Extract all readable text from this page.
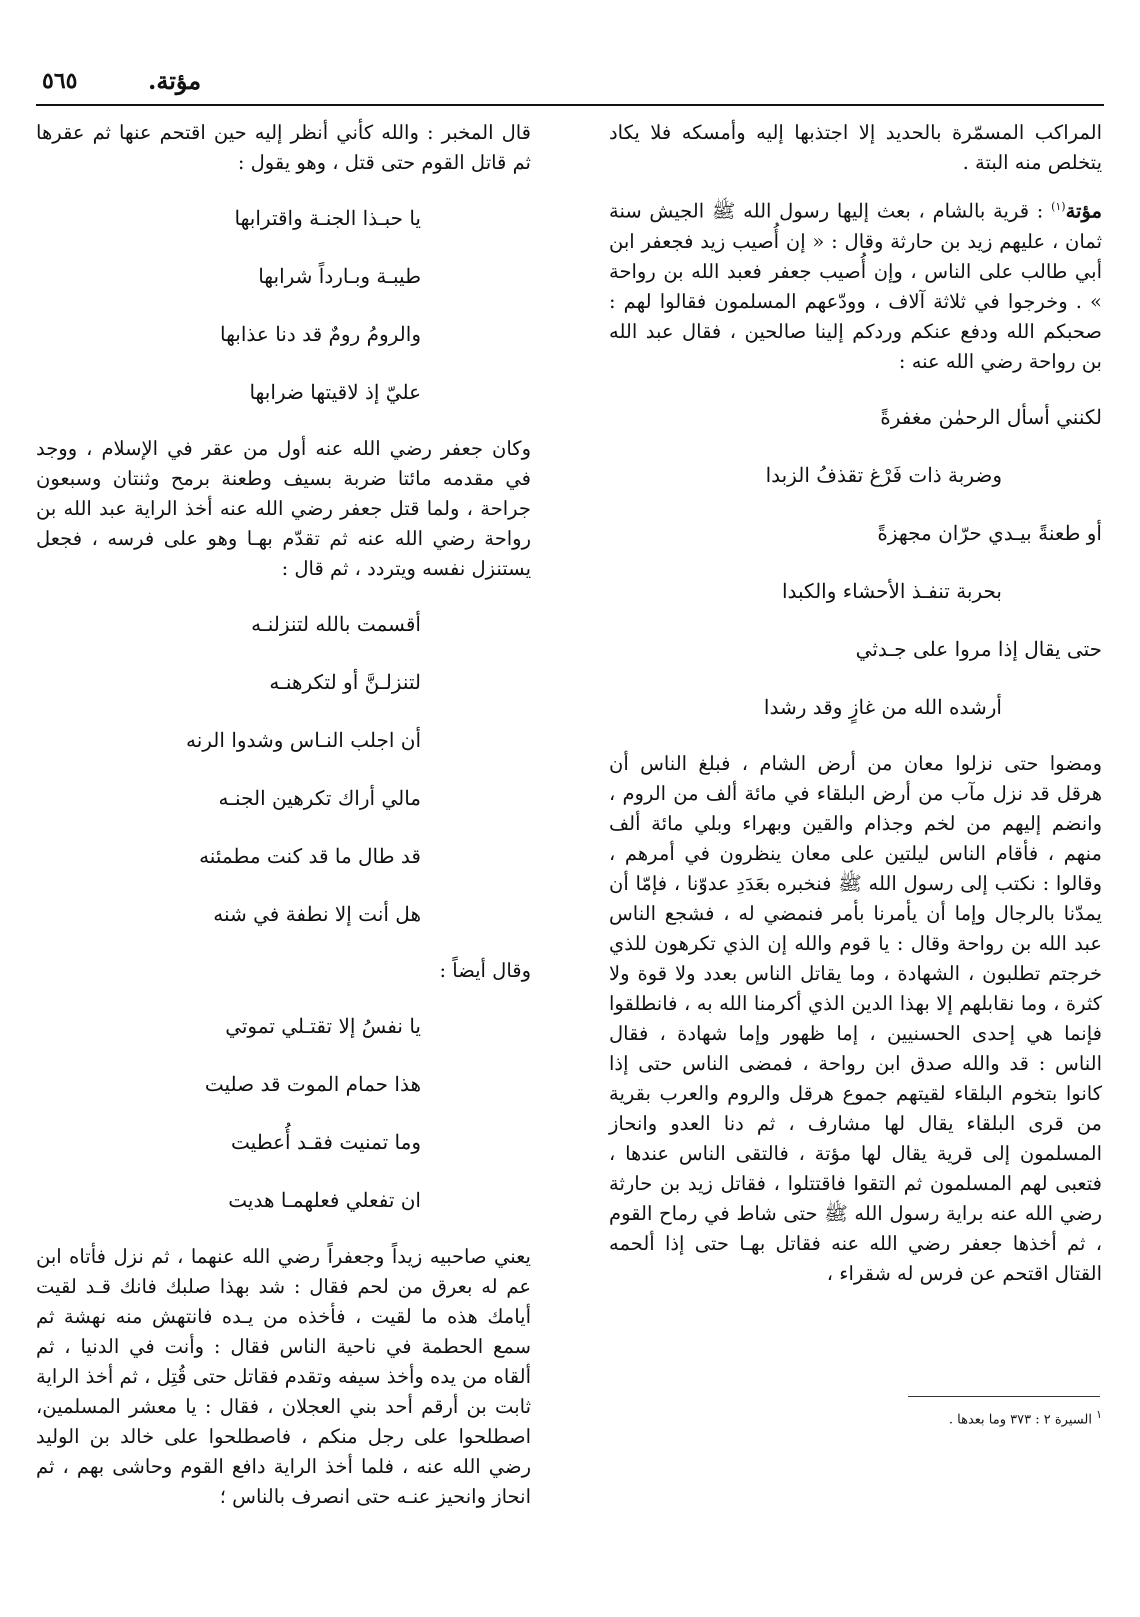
مؤتة.
٥٦٥

المراكب المسمّرة بالحديد إلا اجتذبها إليه وأمسكه فلا يكاد يتخلص منه البتة .

مؤتة$^{(١)}$ : قرية بالشام ، بعث إليها رسول الله ﷺ الجيش سنة ثمان ، عليهم زيد بن حارثة وقال : « إن أُصيب زيد فجعفر ابن أبي طالب على الناس ، وإن أُصيب جعفر فعبد الله بن رواحة » . وخرجوا في ثلاثة آلاف ، وودّعهم المسلمون فقالوا لهم : صحبكم الله ودفع عنكم وردكم إلينا صالحين ، فقال عبد الله بن رواحة رضي الله عنه :

لكنني أسأل الرحمٰن مغفرةً

وضربة ذات فَرْغ تقذفُ الزبدا

أو طعنةً بيـدي حرّان مجهزةً

بحربة تنفـذ الأحشاء والكبدا

حتى يقال إذا مروا على جـدثي

أرشده الله من غازٍ وقد رشدا

ومضوا حتى نزلوا معان من أرض الشام ، فبلغ الناس أن هرقل قد نزل مآب من أرض البلقاء في مائة ألف من الروم ، وانضم إليهم من لخم وجذام والقين وبهراء وبلي مائة ألف منهم ، فأقام الناس ليلتين على معان ينظرون في أمرهم ، وقالوا : نكتب إلى رسول الله ﷺ فنخبره بعَدَدِ عدوّنا ، فإمّا أن يمدّنا بالرجال وإما أن يأمرنا بأمر فنمضي له ، فشجع الناس عبد الله بن رواحة وقال : يا قوم والله إن الذي تكرهون للذي خرجتم تطلبون ، الشهادة ، وما يقاتل الناس بعدد ولا قوة ولا كثرة ، وما نقابلهم إلا بهذا الدين الذي أكرمنا الله به ، فانطلقوا فإنما هي إحدى الحسنيين ، إما ظهور وإما شهادة ، فقال الناس : قد والله صدق ابن رواحة ، فمضى الناس حتى إذا كانوا بتخوم البلقاء لقيتهم جموع هرقل والروم والعرب بقرية من قرى البلقاء يقال لها مشارف ، ثم دنا العدو وانحاز المسلمون إلى قرية يقال لها مؤتة ، فالتقى الناس عندها ، فتعبى لهم المسلمون ثم التقوا فاقتتلوا ، فقاتل زيد بن حارثة رضي الله عنه براية رسول الله ﷺ حتى شاط في رماح القوم ، ثم أخذها جعفر رضي الله عنه فقاتل بهـا حتى إذا ألحمه القتال اقتحم عن فرس له شقراء ،

قال المخبر : والله كأني أنظر إليه حين اقتحم عنها ثم عقرها ثم قاتل القوم حتى قتل ، وهو يقول :

يا حبـذا الجنـة واقترابها

طيبـة وبـارداً شرابها

والرومُ رومٌ قد دنا عذابها

عليّ إذ لاقيتها ضرابها

وكان جعفر رضي الله عنه أول من عقر في الإسلام ، ووجد في مقدمه مائتا ضربة بسيف وطعنة برمح وثنتان وسبعون جراحة ، ولما قتل جعفر رضي الله عنه أخذ الراية عبد الله بن رواحة رضي الله عنه ثم تقدّم بهـا وهو على فرسه ، فجعل يستنزل نفسه ويتردد ، ثم قال :

أقسمت بالله لتنزلنـه

لتنزلـنَّ أو لتكرهنـه

أن اجلب النـاس وشدوا الرنه

مالي أراك تكرهين الجنـه

قد طال ما قد كنت مطمئنه

هل أنت إلا نطفة في شنه

وقال أيضاً :

يا نفسُ إلا تقتـلي تموتي

هذا حمام الموت قد صليت

وما تمنيت فقـد أُعطيت

ان تفعلي فعلهمـا هديت

يعني صاحبيه زيداً وجعفراً رضي الله عنهما ، ثم نزل فأتاه ابن عم له بعرق من لحم فقال : شد بهذا صلبك فانك قـد لقيت أيامك هذه ما لقيت ، فأخذه من يـده فانتهش منه نهشة ثم سمع الحطمة في ناحية الناس فقال : وأنت في الدنيا ، ثم ألقاه من يده وأخذ سيفه وتقدم فقاتل حتى قُتِل ، ثم أخذ الراية ثابت بن أرقم أحد بني العجلان ، فقال : يا معشر المسلمين، اصطلحوا على رجل منكم ، فاصطلحوا على خالد بن الوليد رضي الله عنه ، فلما أخذ الراية دافع القوم وحاشى بهم ، ثم انحاز وانحيز عنـه حتى انصرف بالناس ؛

$^١$ السيرة ٢ : ٣٧٣ وما بعدها .
